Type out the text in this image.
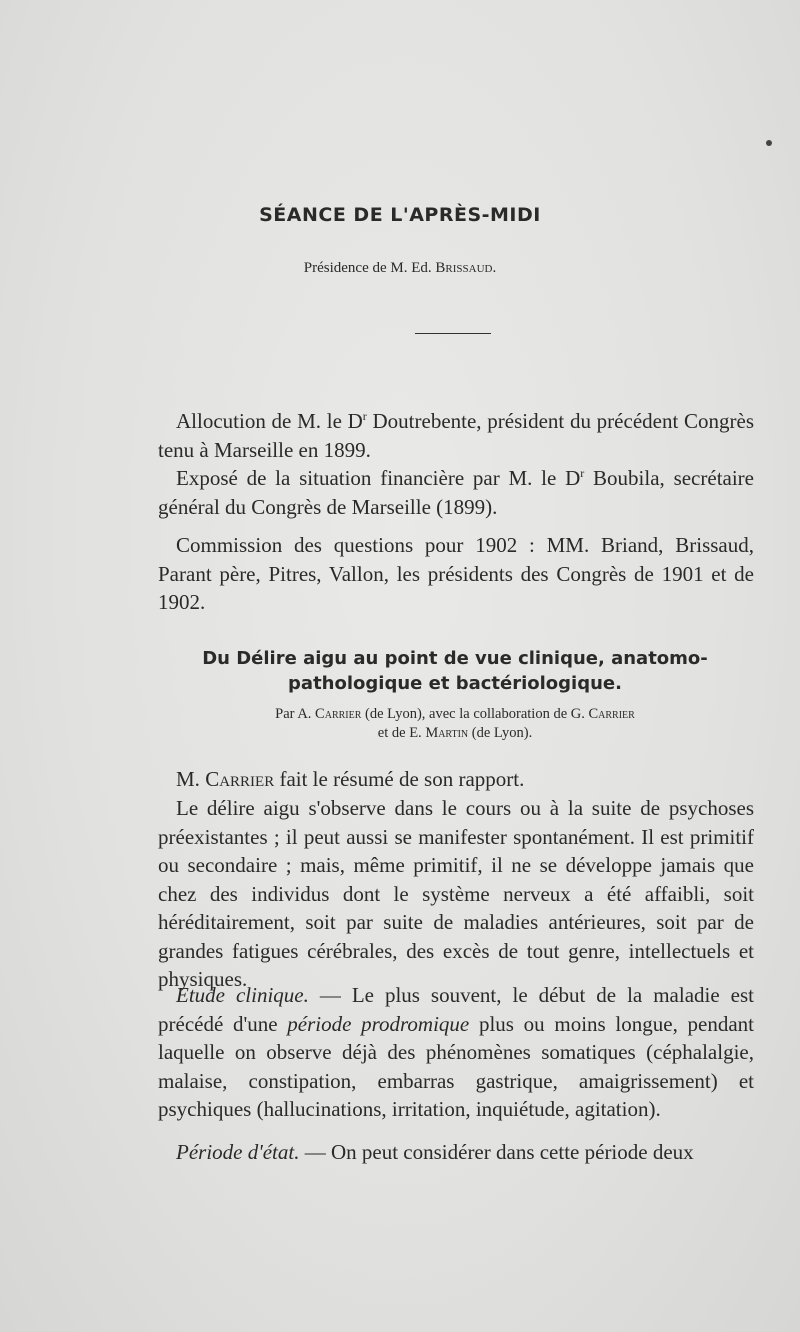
SÉANCE DE L'APRÈS-MIDI
Présidence de M. Ed. Brissaud.

Allocution de M. le $D^r$ Doutrebente, président du précédent Congrès tenu à Marseille en 1899.

Exposé de la situation financière par M. le $D^r$ Boubila, secrétaire général du Congrès de Marseille (1899).

Commission des questions pour 1902 : MM. Briand, Brissaud, Parant père, Pitres, Vallon, les présidents des Congrès de 1901 et de 1902.

Du Délire aigu au point de vue clinique, anatomo-pathologique et bactériologique.

Par A. Carrier (de Lyon), avec la collaboration de G. Carrier
et de E. Martin (de Lyon).

M. Carrier fait le résumé de son rapport.

Le délire aigu s'observe dans le cours ou à la suite de psychoses préexistantes ; il peut aussi se manifester spontanément. Il est primitif ou secondaire ; mais, même primitif, il ne se développe jamais que chez des individus dont le système nerveux a été affaibli, soit héréditairement, soit par suite de maladies antérieures, soit par de grandes fatigues cérébrales, des excès de tout genre, intellectuels et physiques.

Etude clinique. — Le plus souvent, le début de la maladie est précédé d'une période prodromique plus ou moins longue, pendant laquelle on observe déjà des phénomènes somatiques (céphalalgie, malaise, constipation, embarras gastrique, amaigrissement) et psychiques (hallucinations, irritation, inquiétude, agitation).

Période d'état. — On peut considérer dans cette période deux
